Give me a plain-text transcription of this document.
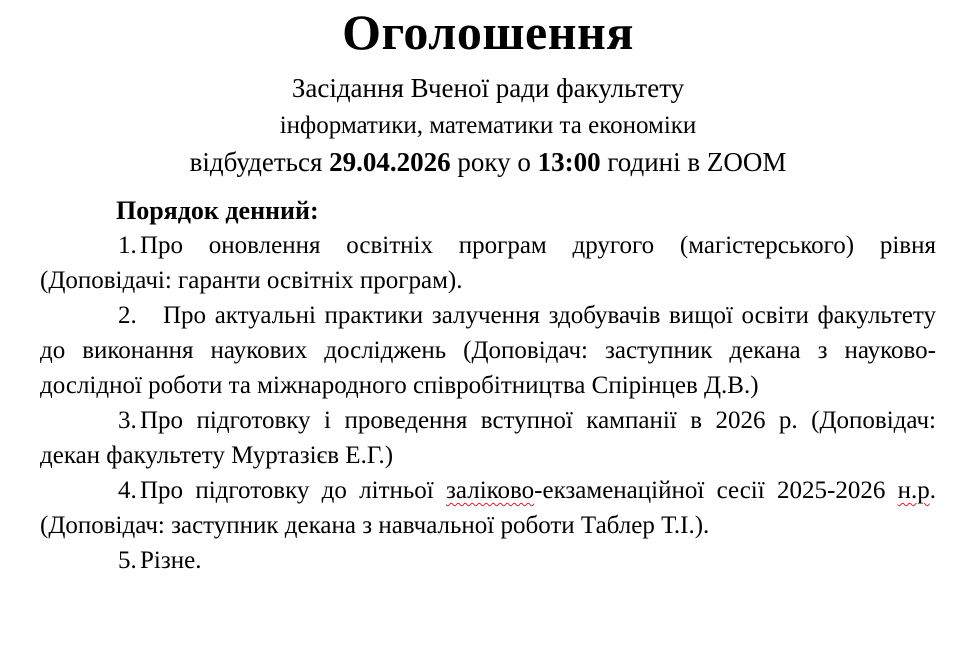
Оголошення

Засідання Вченої ради факультету

інформатики, математики та економіки

відбудеться 29.04.2026 року о 13:00 годині в ZOOM

Порядок денний:

1. Про оновлення освітніх програм другого (магістерського) рівня (Доповідачі: гаранти освітніх програм).

2. Про актуальні практики залучення здобувачів вищої освіти факультету до виконання наукових досліджень (Доповідач: заступник декана з науково-дослідної роботи та міжнародного співробітництва Спірінцев Д.В.)

3. Про підготовку і проведення вступної кампанії в 2026 р. (Доповідач: декан факультету Муртазієв Е.Г.)

4. Про підготовку до літньої заліково-екзаменаційної сесії 2025-2026 н.р. (Доповідач: заступник декана з навчальної роботи Таблер Т.І.).

5. Різне.
